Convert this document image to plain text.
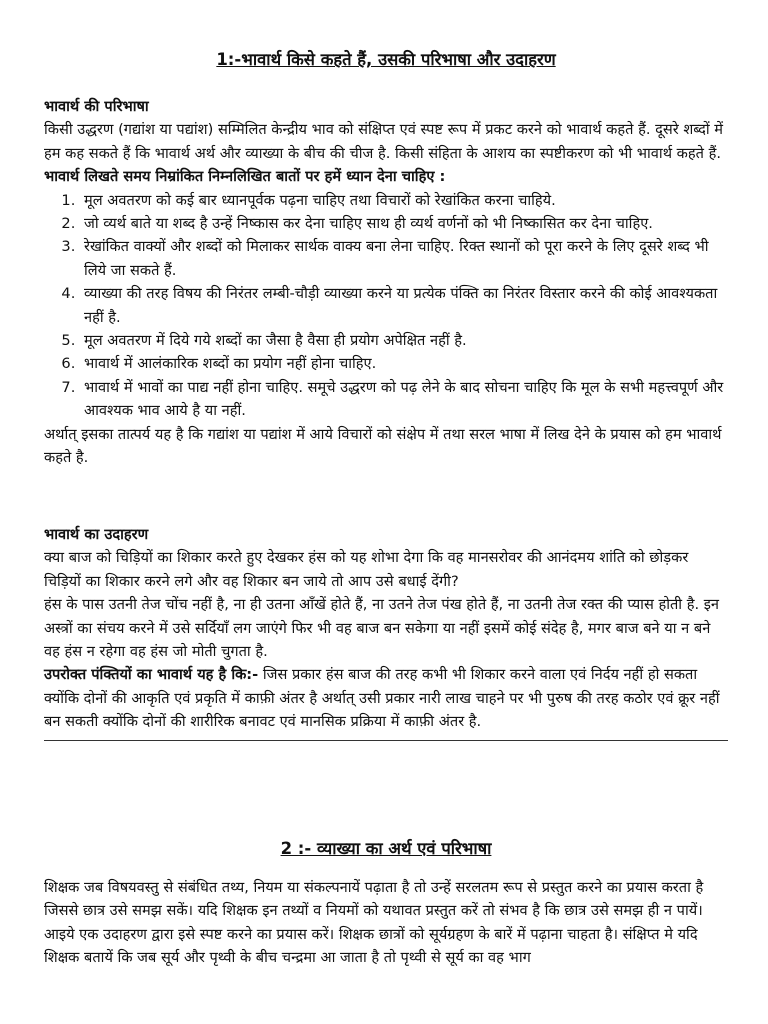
1:-भावार्थ किसे कहते हैं, उसकी परिभाषा और उदाहरण

भावार्थ की परिभाषा

किसी उद्धरण (गद्यांश या पद्यांश) सम्मिलित केन्द्रीय भाव को संक्षिप्त एवं स्पष्ट रूप में प्रकट करने को भावार्थ कहते हैं. दूसरे शब्दों में हम कह सकते हैं कि भावार्थ अर्थ और व्याख्या के बीच की चीज है. किसी संहिता के आशय का स्पष्टीकरण को भी भावार्थ कहते हैं.

भावार्थ लिखते समय निम्रांकित निम्नलिखित बातों पर हमें ध्यान देना चाहिए :

1. मूल अवतरण को कई बार ध्यानपूर्वक पढ़ना चाहिए तथा विचारों को रेखांकित करना चाहिये.
2. जो व्यर्थ बाते या शब्द है उन्हें निष्कास कर देना चाहिए साथ ही व्यर्थ वर्णनों को भी निष्कासित कर देना चाहिए.
3. रेखांकित वाक्यों और शब्दों को मिलाकर सार्थक वाक्य बना लेना चाहिए. रिक्त स्थानों को पूरा करने के लिए दूसरे शब्द भी लिये जा सकते हैं.
4. व्याख्या की तरह विषय की निरंतर लम्बी-चौड़ी व्याख्या करने या प्रत्येक पंक्ति का निरंतर विस्तार करने की कोई आवश्यकता नहीं है.
5. मूल अवतरण में दिये गये शब्दों का जैसा है वैसा ही प्रयोग अपेक्षित नहीं है.
6. भावार्थ में आलंकारिक शब्दों का प्रयोग नहीं होना चाहिए.
7. भावार्थ में भावों का पाद्य नहीं होना चाहिए. समूचे उद्धरण को पढ़ लेने के बाद सोचना चाहिए कि मूल के सभी महत्त्वपूर्ण और आवश्यक भाव आये है या नहीं.

अर्थात् इसका तात्पर्य यह है कि गद्यांश या पद्यांश में आये विचारों को संक्षेप में तथा सरल भाषा में लिख देने के प्रयास को हम भावार्थ कहते है.

भावार्थ का उदाहरण

क्या बाज को चिड़ियों का शिकार करते हुए देखकर हंस को यह शोभा देगा कि वह मानसरोवर की आनंदमय शांति को छोड़कर चिड़ियों का शिकार करने लगे और वह शिकार बन जाये तो आप उसे बधाई देंगी?

हंस के पास उतनी तेज चोंच नहीं है, ना ही उतना आँखें होते हैं, ना उतने तेज पंख होते हैं, ना उतनी तेज रक्त की प्यास होती है. इन अस्त्रों का संचय करने में उसे सर्दियाँ लग जाएंगे फिर भी वह बाज बन सकेगा या नहीं इसमें कोई संदेह है, मगर बाज बने या न बने वह हंस न रहेगा वह हंस जो मोती चुगता है.

उपरोक्त पंक्तियों का भावार्थ यह है कि:- जिस प्रकार हंस बाज की तरह कभी भी शिकार करने वाला एवं निर्दय नहीं हो सकता क्योंकि दोनों की आकृति एवं प्रकृति में काफ़ी अंतर है अर्थात् उसी प्रकार नारी लाख चाहने पर भी पुरुष की तरह कठोर एवं क्रूर नहीं बन सकती क्योंकि दोनों की शारीरिक बनावट एवं मानसिक प्रक्रिया में काफ़ी अंतर है.

2 :- व्याख्या का अर्थ एवं परिभाषा

शिक्षक जब विषयवस्तु से संबंधित तथ्य, नियम या संकल्पनायें पढ़ाता है तो उन्हें सरलतम रूप से प्रस्तुत करने का प्रयास करता है जिससे छात्र उसे समझ सकें। यदि शिक्षक इन तथ्यों व नियमों को यथावत प्रस्तुत करें तो संभव है कि छात्र उसे समझ ही न पायें। आइये एक उदाहरण द्वारा इसे स्पष्ट करने का प्रयास करें। शिक्षक छात्रों को सूर्यग्रहण के बारें में पढ़ाना चाहता है। संक्षिप्त मे यदि शिक्षक बतायें कि जब सूर्य और पृथ्वी के बीच चन्द्रमा आ जाता है तो पृथ्वी से सूर्य का वह भाग
